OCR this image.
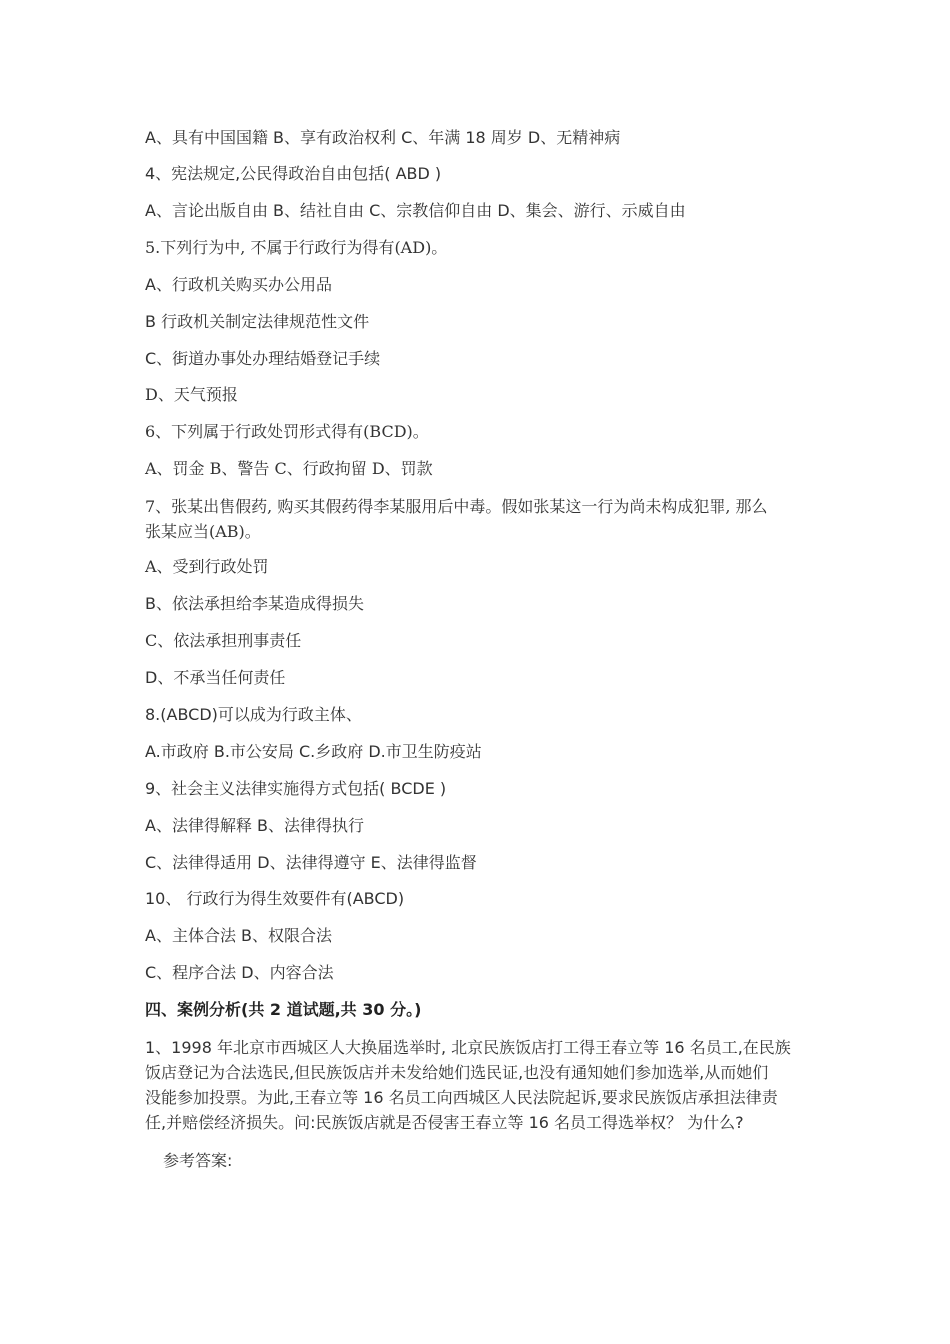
A、具有中国国籍 B、享有政治权利 C、年满 18 周岁 D、无精神病
4、宪法规定,公民得政治自由包括( ABD )
A、言论出版自由 B、结社自由 C、宗教信仰自由 D、集会、游行、示威自由
5.下列行为中, 不属于行政行为得有(AD)。
A、行政机关购买办公用品
B 行政机关制定法律规范性文件
C、街道办事处办理结婚登记手续
D、天气预报
6、下列属于行政处罚形式得有(BCD)。
A、罚金 B、警告 C、行政拘留 D、罚款
7、张某出售假药, 购买其假药得李某服用后中毒。假如张某这一行为尚未构成犯罪, 那么
张某应当(AB)。
A、受到行政处罚
B、依法承担给李某造成得损失
C、依法承担刑事责任
D、不承当任何责任
8.(ABCD)可以成为行政主体、
A.市政府 B.市公安局 C.乡政府 D.市卫生防疫站
9、社会主义法律实施得方式包括( BCDE )
A、法律得解释 B、法律得执行
C、法律得适用 D、法律得遵守 E、法律得监督
10、 行政行为得生效要件有(ABCD)
A、主体合法 B、权限合法
C、程序合法 D、内容合法
四、案例分析(共 2 道试题,共 30 分。)
1、1998 年北京市西城区人大换届选举时, 北京民族饭店打工得王春立等 16 名员工,在民族
饭店登记为合法选民,但民族饭店并未发给她们选民证,也没有通知她们参加选举,从而她们
没能参加投票。为此,王春立等 16 名员工向西城区人民法院起诉,要求民族饭店承担法律责
任,并赔偿经济损失。问:民族饭店就是否侵害王春立等 16 名员工得选举权？ 为什么?
参考答案:
